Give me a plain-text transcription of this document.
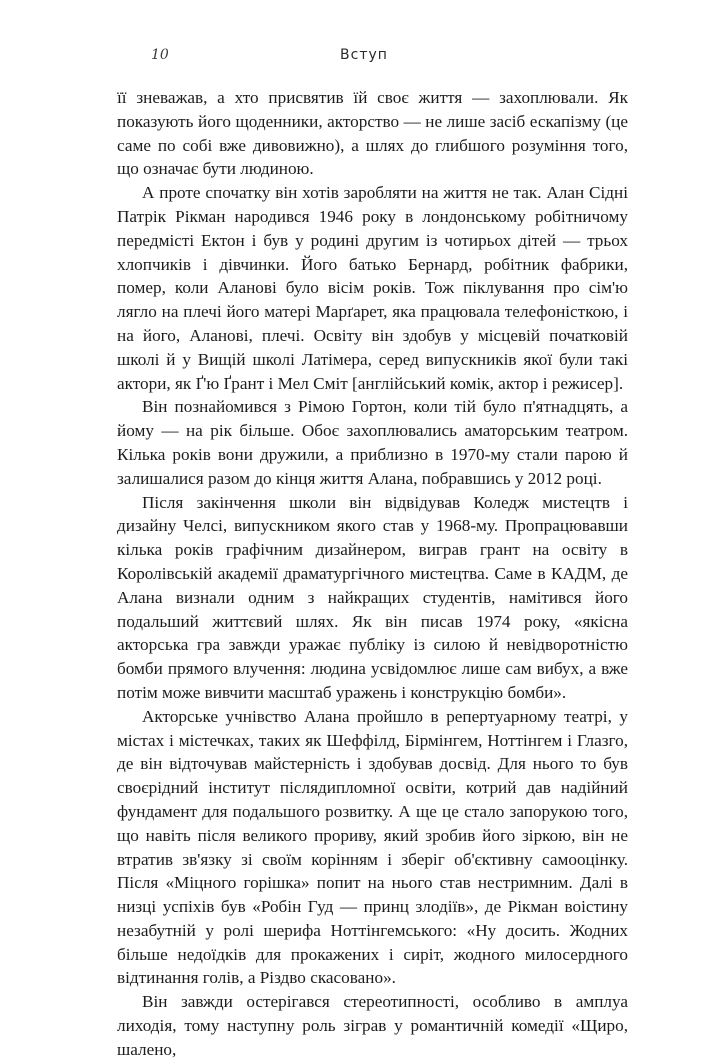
10	Вступ

її зневажав, а хто присвятив їй своє життя — захоплювали. Як показують його щоденники, акторство — не лише засіб ескапізму (це саме по собі вже дивовижно), а шлях до глибшого розуміння того, що означає бути людиною.

А проте спочатку він хотів заробляти на життя не так. Алан Сідні Патрік Рікман народився 1946 року в лондонському робітничому передмісті Ектон і був у родині другим із чотирьох дітей — трьох хлопчиків і дівчинки. Його батько Бернард, робітник фабрики, помер, коли Аланові було вісім років. Тож піклування про сім'ю лягло на плечі його матері Марґарет, яка працювала телефоністкою, і на його, Аланові, плечі. Освіту він здобув у місцевій початковій школі й у Вищій школі Латімера, серед випускників якої були такі актори, як Ґ'ю Ґрант і Мел Сміт [англійський комік, актор і режисер].

Він познайомився з Рімою Гортон, коли тій було п'ятнадцять, а йому — на рік більше. Обоє захоплювались аматорським театром. Кілька років вони дружили, а приблизно в 1970-му стали парою й залишалися разом до кінця життя Алана, побравшись у 2012 році.

Після закінчення школи він відвідував Коледж мистецтв і дизайну Челсі, випускником якого став у 1968-му. Пропрацювавши кілька років графічним дизайнером, виграв грант на освіту в Королівській академії драматургічного мистецтва. Саме в КАДМ, де Алана визнали одним з найкращих студентів, намітився його подальший життєвий шлях. Як він писав 1974 року, «якісна акторська гра завжди уражає публіку із силою й невідворотністю бомби прямого влучення: людина усвідомлює лише сам вибух, а вже потім може вивчити масштаб уражень і конструкцію бомби».

Акторське учнівство Алана пройшло в репертуарному театрі, у містах і містечках, таких як Шеффілд, Бірмінгем, Ноттінгем і Глазго, де він відточував майстерність і здобував досвід. Для нього то був своєрідний інститут післядипломної освіти, котрий дав надійний фундамент для подальшого розвитку. А ще це стало запорукою того, що навіть після великого прориву, який зробив його зіркою, він не втратив зв'язку зі своїм корінням і зберіг об'єктивну самооцінку. Після «Міцного горішка» попит на нього став нестримним. Далі в низці успіхів був «Робін Гуд — принц злодіїв», де Рікман воістину незабутній у ролі шерифа Ноттінгемського: «Ну досить. Жодних більше недоїдків для прокажених і сиріт, жодного милосердного відтинання голів, а Різдво скасовано».

Він завжди остерігався стереотипності, особливо в амплуа лиходія, тому наступну роль зіграв у романтичній комедії «Щиро, шалено,
